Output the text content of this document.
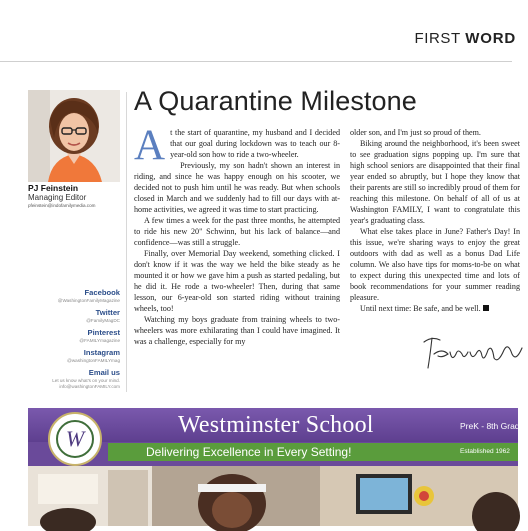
FIRST WORD
PJ Feinstein
Managing Editor
pfeinstein@indofamilymedia.com
Facebook
@WashingtonFamilyMagazine
Twitter
@FamilyMagDC
Pinterest
@FAMILYmagazine
Instagram
@washingtonFAMILYmag
Email us
Let us know what's on your mind.
info@washingtonFAMILY.com
A Quarantine Milestone

At the start of quarantine, my husband and I decided that our goal during lockdown was to teach our 8-year-old son how to ride a two-wheeler.

Previously, my son hadn't shown an interest in riding, and since he was happy enough on his scooter, we decided not to push him until he was ready. But when schools closed in March and we suddenly had to fill our days with at-home activities, we agreed it was time to start practicing.

A few times a week for the past three months, he attempted to ride his new 20" Schwinn, but his lack of balance—and confidence—was still a struggle.

Finally, over Memorial Day weekend, something clicked. I don't know if it was the way we held the bike steady as he mounted it or how we gave him a push as started pedaling, but he did it. He rode a two-wheeler! Then, during that same lesson, our 6-year-old son started riding without training wheels, too!

Watching my boys graduate from training wheels to two-wheelers was more exhilarating than I could have imagined. It was a challenge, especially for my

older son, and I'm just so proud of them.

Biking around the neighborhood, it's been sweet to see graduation signs popping up. I'm sure that high school seniors are disappointed that their final year ended so abruptly, but I hope they know that their parents are still so incredibly proud of them for reaching this milestone. On behalf of all of us at Washington FAMILY, I want to congratulate this year's graduating class.

What else takes place in June? Father's Day! In this issue, we're sharing ways to enjoy the great outdoors with dad as well as a bonus Dad Life column. We also have tips for moms-to-be on what to expect during this unexpected time and lots of book recommendations for your summer reading pleasure.

Until next time: Be safe, and be well.

W
Westminster School	PreK - 8th Grade
Delivering Excellence in Every Setting!	Established 1962
